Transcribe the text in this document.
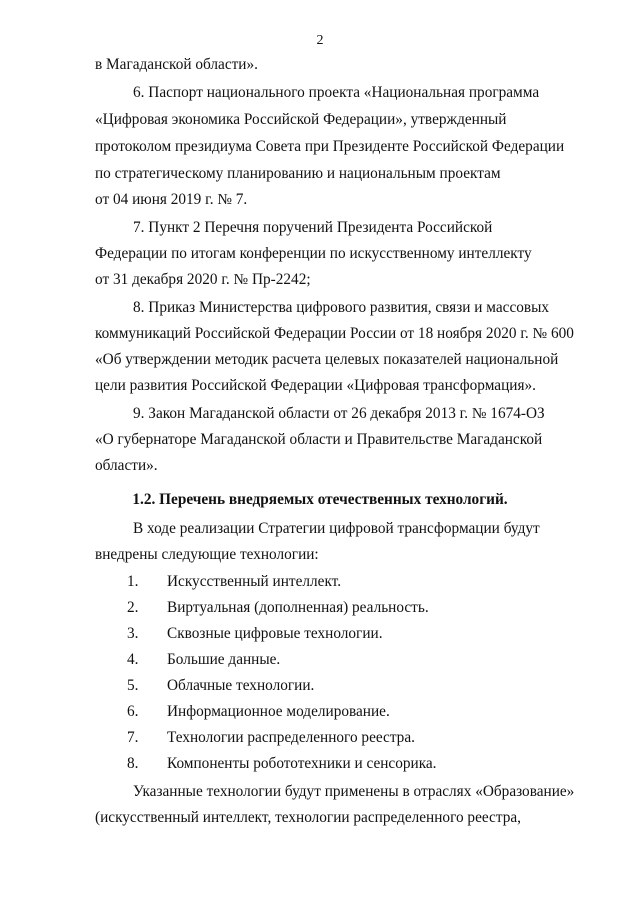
2
в Магаданской области».
6. Паспорт национального проекта «Национальная программа
«Цифровая экономика Российской Федерации», утвержденный
протоколом президиума Совета при Президенте Российской Федерации
по стратегическому планированию и национальным проектам
от 04 июня 2019 г. № 7.
7. Пункт 2 Перечня поручений Президента Российской
Федерации по итогам конференции по искусственному интеллекту
от 31 декабря 2020 г. № Пр-2242;
8. Приказ Министерства цифрового развития, связи и массовых
коммуникаций Российской Федерации России от 18 ноября 2020 г. № 600
«Об утверждении методик расчета целевых показателей национальной
цели развития Российской Федерации «Цифровая трансформация».
9. Закон Магаданской области от 26 декабря 2013 г. № 1674-ОЗ
«О губернаторе Магаданской области и Правительстве Магаданской
области».
1.2. Перечень внедряемых отечественных технологий.
В ходе реализации Стратегии цифровой трансформации будут
внедрены следующие технологии:
1. Искусственный интеллект.
2. Виртуальная (дополненная) реальность.
3. Сквозные цифровые технологии.
4. Большие данные.
5. Облачные технологии.
6. Информационное моделирование.
7. Технологии распределенного реестра.
8. Компоненты робототехники и сенсорика.
Указанные технологии будут применены в отраслях «Образование»
(искусственный интеллект, технологии распределенного реестра,
